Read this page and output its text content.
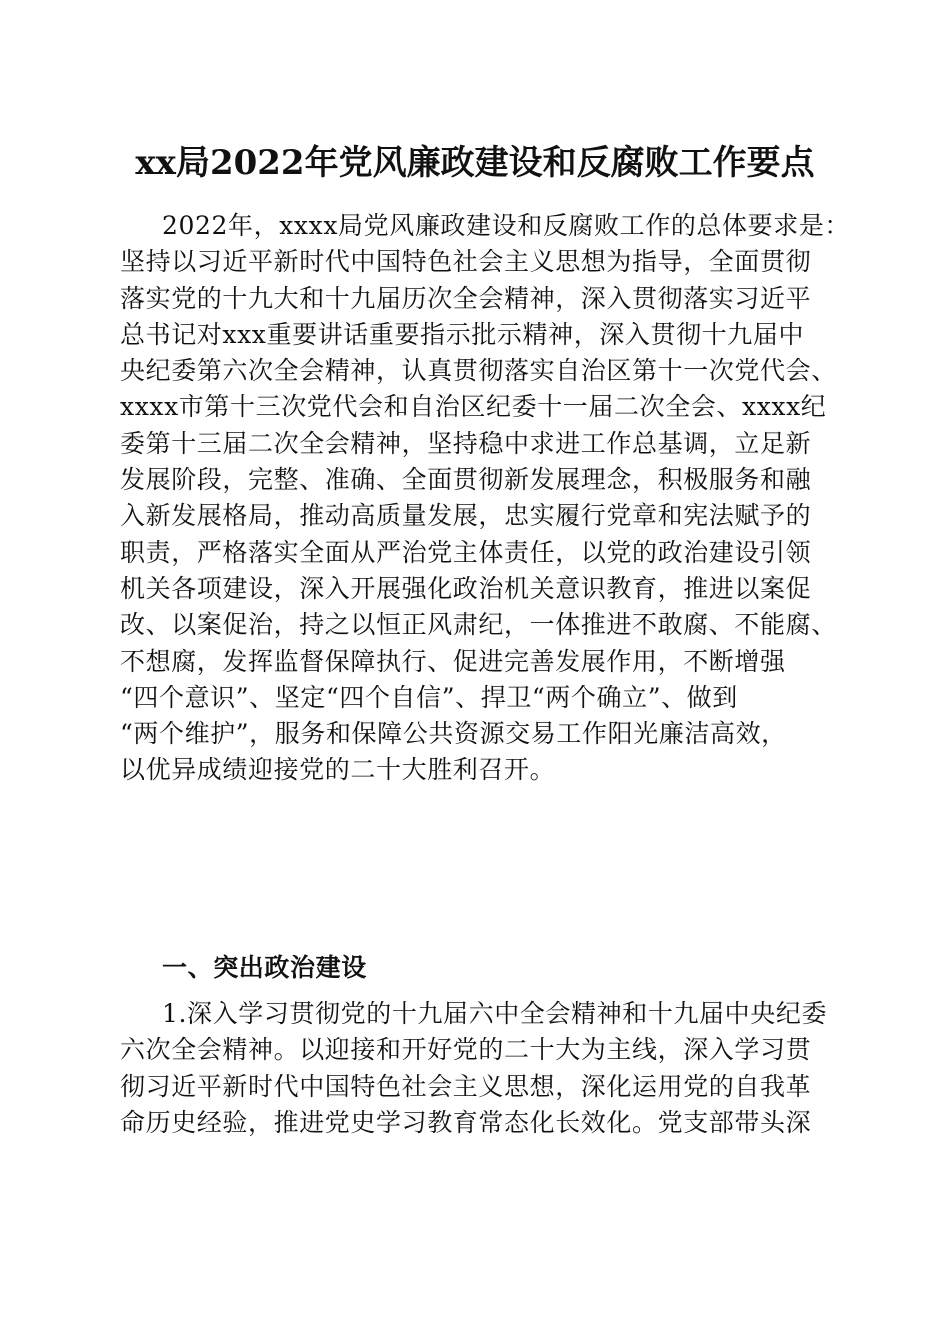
xx局2022年党风廉政建设和反腐败工作要点
2022年，xxxx局党风廉政建设和反腐败工作的总体要求是：
坚持以习近平新时代中国特色社会主义思想为指导，全面贯彻
落实党的十九大和十九届历次全会精神，深入贯彻落实习近平
总书记对xxx重要讲话重要指示批示精神，深入贯彻十九届中
央纪委第六次全会精神，认真贯彻落实自治区第十一次党代会、
xxxx市第十三次党代会和自治区纪委十一届二次全会、xxxx纪
委第十三届二次全会精神，坚持稳中求进工作总基调，立足新
发展阶段，完整、准确、全面贯彻新发展理念，积极服务和融
入新发展格局，推动高质量发展，忠实履行党章和宪法赋予的
职责，严格落实全面从严治党主体责任，以党的政治建设引领
机关各项建设，深入开展强化政治机关意识教育，推进以案促
改、以案促治，持之以恒正风肃纪，一体推进不敢腐、不能腐、
不想腐，发挥监督保障执行、促进完善发展作用，不断增强
“四个意识”、坚定“四个自信”、捍卫“两个确立”、做到
“两个维护”，服务和保障公共资源交易工作阳光廉洁高效，
以优异成绩迎接党的二十大胜利召开。
一、突出政治建设
1.深入学习贯彻党的十九届六中全会精神和十九届中央纪委
六次全会精神。以迎接和开好党的二十大为主线，深入学习贯
彻习近平新时代中国特色社会主义思想，深化运用党的自我革
命历史经验，推进党史学习教育常态化长效化。党支部带头深
